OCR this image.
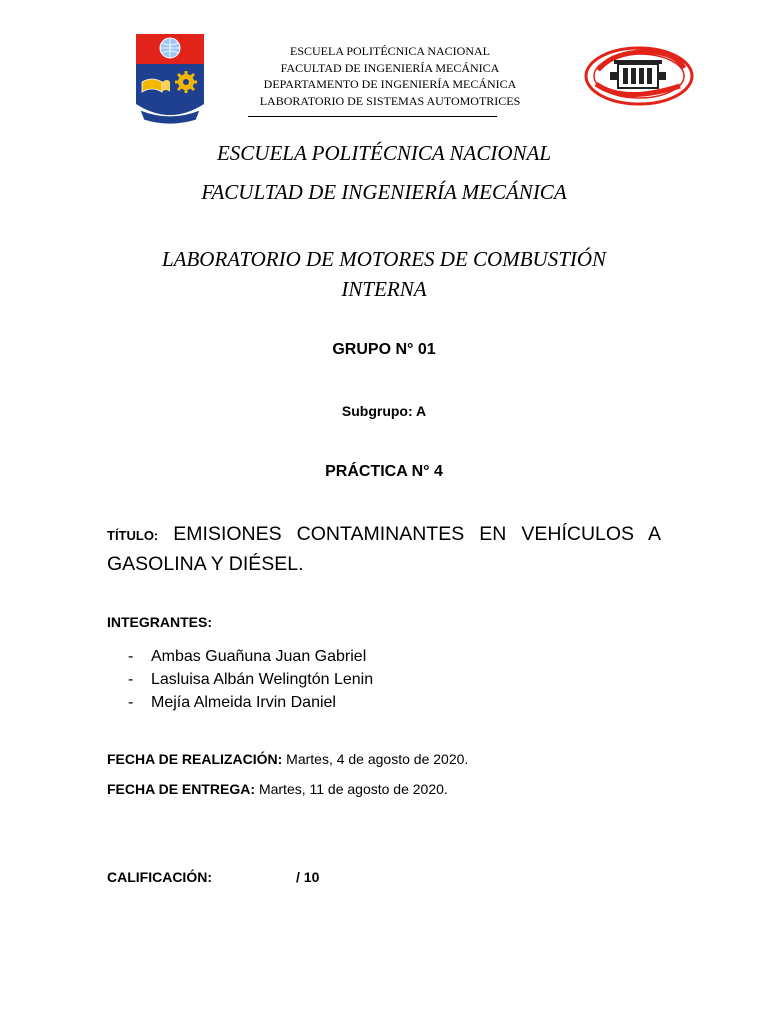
ESCUELA POLITÉCNICA NACIONAL
FACULTAD DE INGENIERÍA MECÁNICA
DEPARTAMENTO DE INGENIERÍA MECÁNICA
LABORATORIO DE SISTEMAS AUTOMOTRICES
ESCUELA POLITÉCNICA NACIONAL
FACULTAD DE INGENIERÍA MECÁNICA
LABORATORIO DE MOTORES DE COMBUSTIÓN INTERNA
GRUPO N° 01
Subgrupo: A
PRÁCTICA N° 4
TÍTULO: EMISIONES CONTAMINANTES EN VEHÍCULOS A GASOLINA Y DIÉSEL.
INTEGRANTES:
- Ambas Guañuna Juan Gabriel
- Lasluisa Albán Welingtón Lenin
- Mejía Almeida Irvin Daniel
FECHA DE REALIZACIÓN: Martes, 4 de agosto de 2020.
FECHA DE ENTREGA: Martes, 11 de agosto de 2020.
CALIFICACIÓN:	/ 10
